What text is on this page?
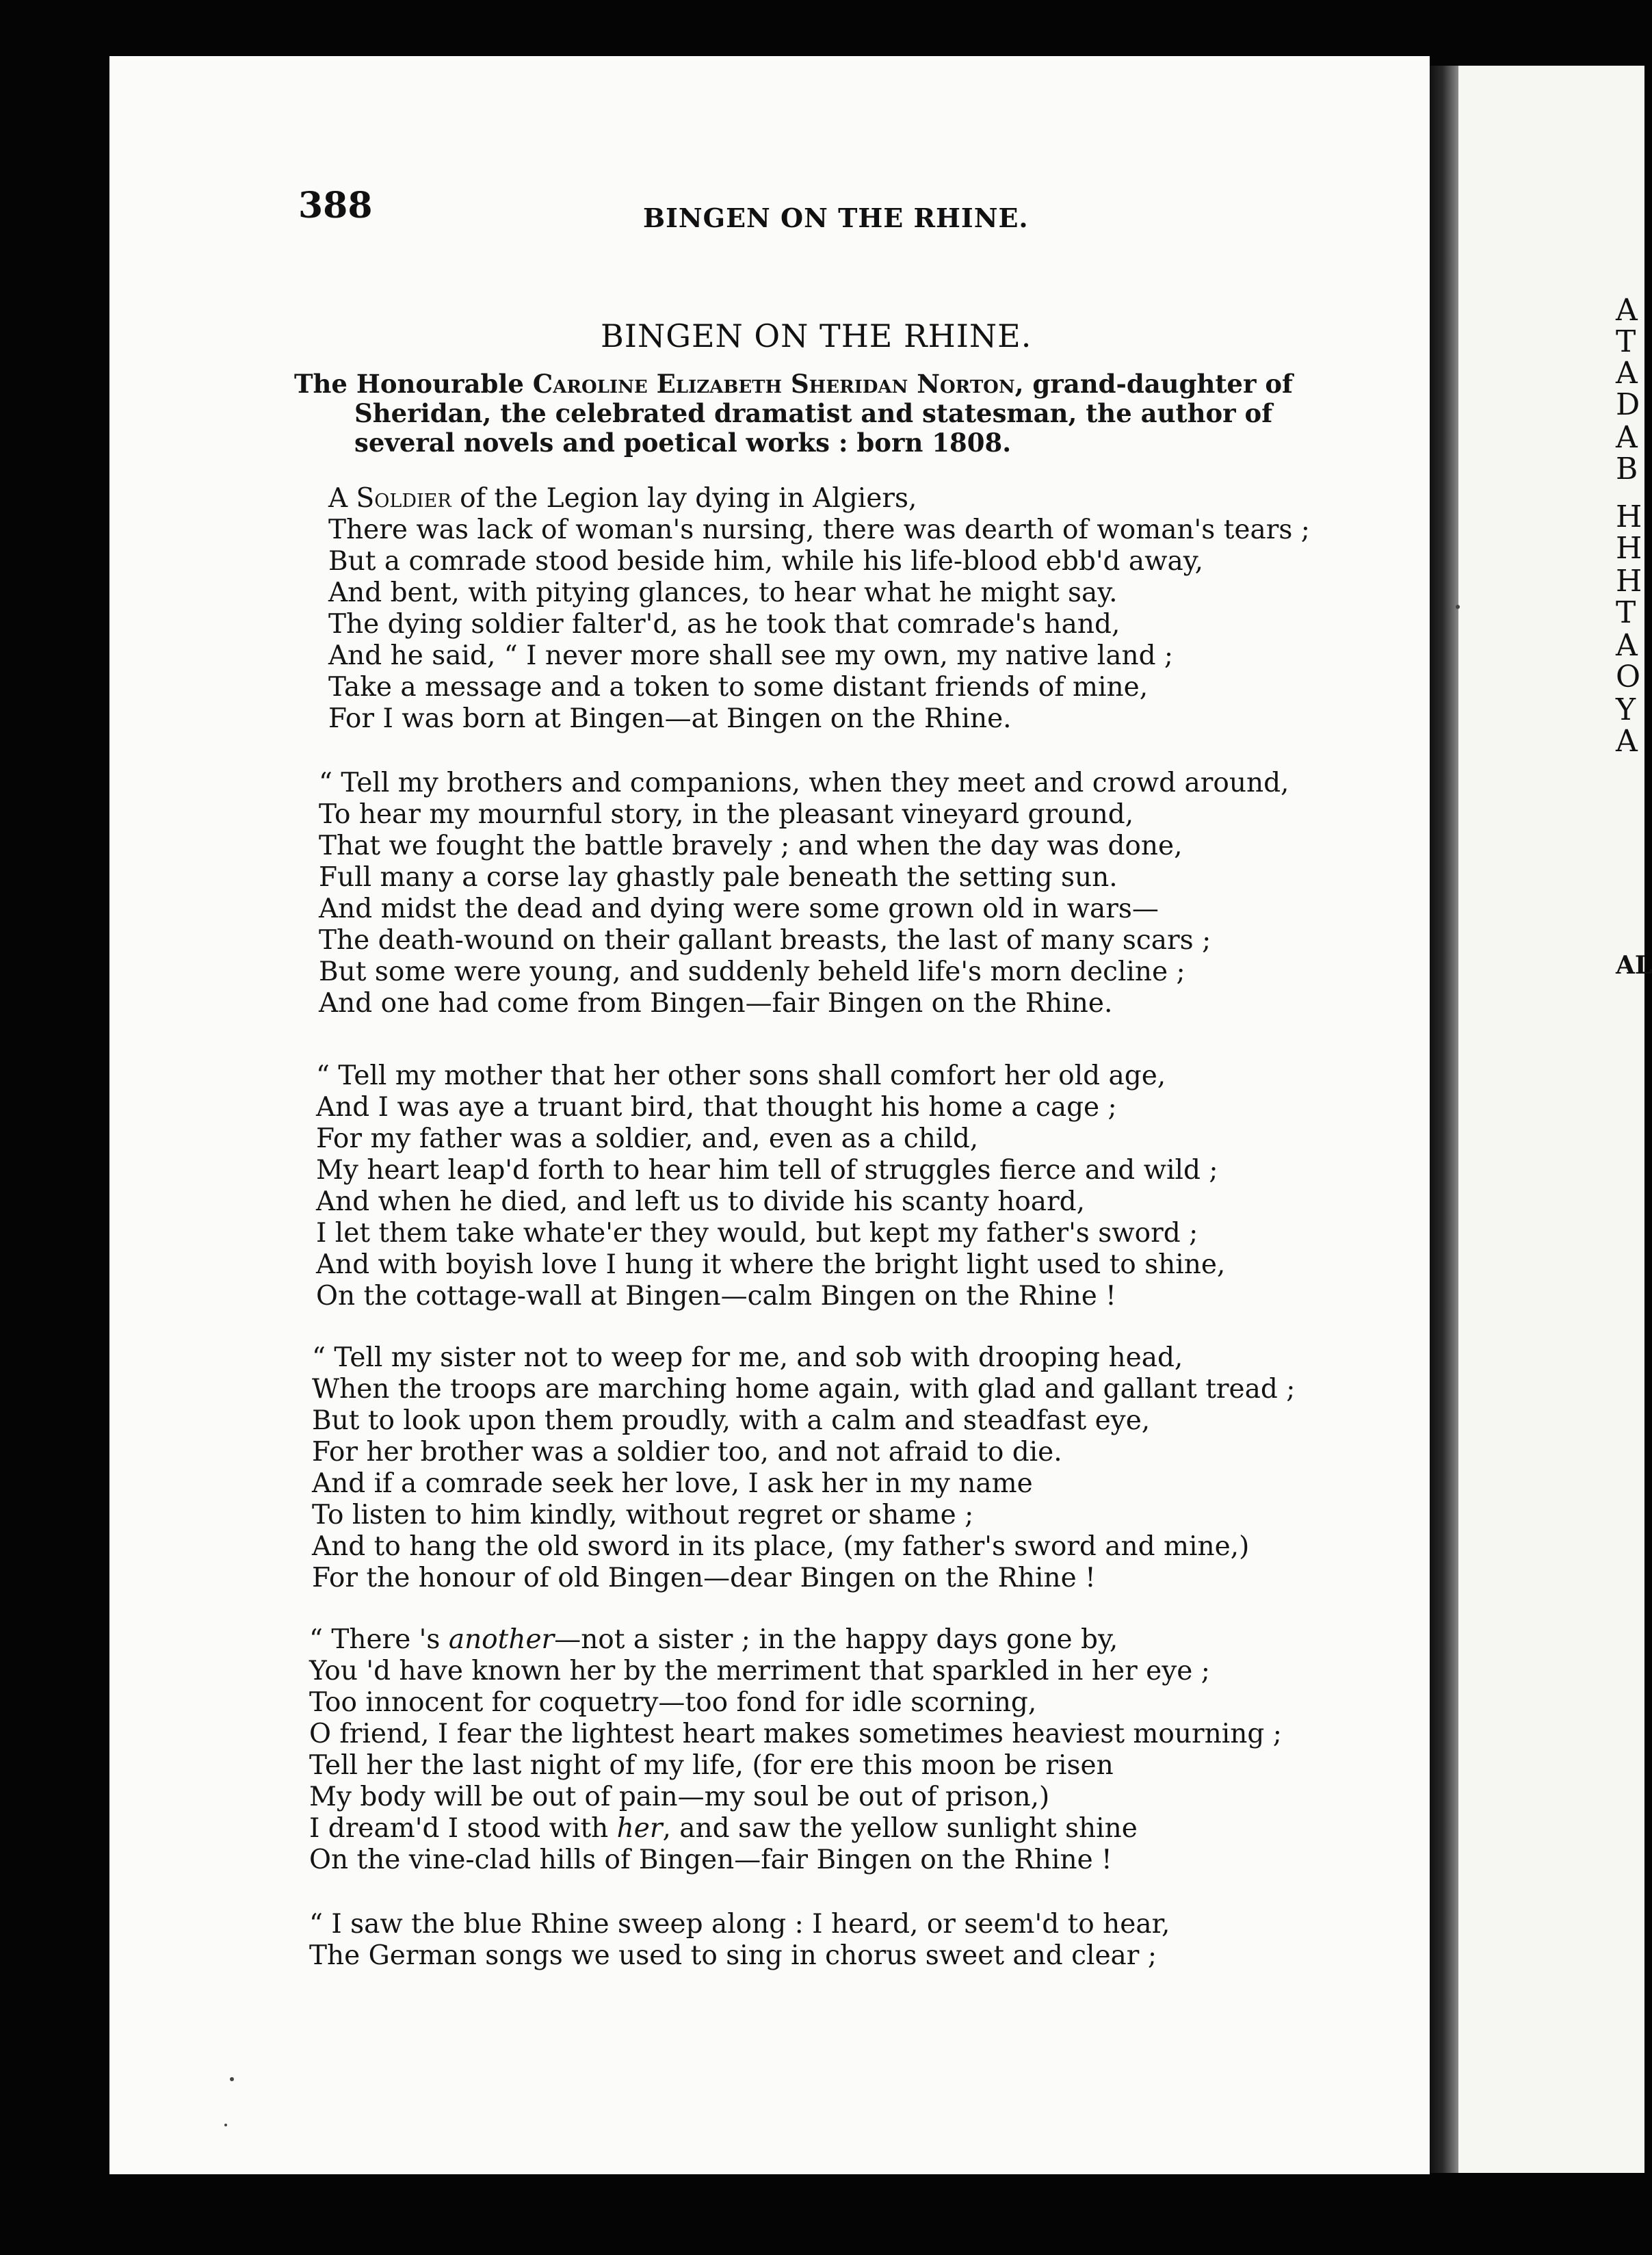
A
T
A
D
A
B
H
H
H
T
A
O
Y
A
AL
388	BINGEN ON THE RHINE.
BINGEN ON THE RHINE.

The Honourable Caroline Elizabeth Sheridan Norton, grand-daughter of Sheridan, the celebrated dramatist and statesman, the author of several novels and poetical works : born 1808.

A Soldier of the Legion lay dying in Algiers,
There was lack of woman's nursing, there was dearth of woman's tears ;
But a comrade stood beside him, while his life-blood ebb'd away,
And bent, with pitying glances, to hear what he might say.
The dying soldier falter'd, as he took that comrade's hand,
And he said, “ I never more shall see my own, my native land ;
Take a message and a token to some distant friends of mine,
For I was born at Bingen—at Bingen on the Rhine.
“ Tell my brothers and companions, when they meet and crowd around,
To hear my mournful story, in the pleasant vineyard ground,
That we fought the battle bravely ; and when the day was done,
Full many a corse lay ghastly pale beneath the setting sun.
And midst the dead and dying were some grown old in wars—
The death-wound on their gallant breasts, the last of many scars ;
But some were young, and suddenly beheld life's morn decline ;
And one had come from Bingen—fair Bingen on the Rhine.
“ Tell my mother that her other sons shall comfort her old age,
And I was aye a truant bird, that thought his home a cage ;
For my father was a soldier, and, even as a child,
My heart leap'd forth to hear him tell of struggles fierce and wild ;
And when he died, and left us to divide his scanty hoard,
I let them take whate'er they would, but kept my father's sword ;
And with boyish love I hung it where the bright light used to shine,
On the cottage-wall at Bingen—calm Bingen on the Rhine !
“ Tell my sister not to weep for me, and sob with drooping head,
When the troops are marching home again, with glad and gallant tread ;
But to look upon them proudly, with a calm and steadfast eye,
For her brother was a soldier too, and not afraid to die.
And if a comrade seek her love, I ask her in my name
To listen to him kindly, without regret or shame ;
And to hang the old sword in its place, (my father's sword and mine,)
For the honour of old Bingen—dear Bingen on the Rhine !
“ There 's another—not a sister ; in the happy days gone by,
You 'd have known her by the merriment that sparkled in her eye ;
Too innocent for coquetry—too fond for idle scorning,
O friend, I fear the lightest heart makes sometimes heaviest mourning ;
Tell her the last night of my life, (for ere this moon be risen
My body will be out of pain—my soul be out of prison,)
I dream'd I stood with her, and saw the yellow sunlight shine
On the vine-clad hills of Bingen—fair Bingen on the Rhine !
“ I saw the blue Rhine sweep along : I heard, or seem'd to hear,
The German songs we used to sing in chorus sweet and clear ;
